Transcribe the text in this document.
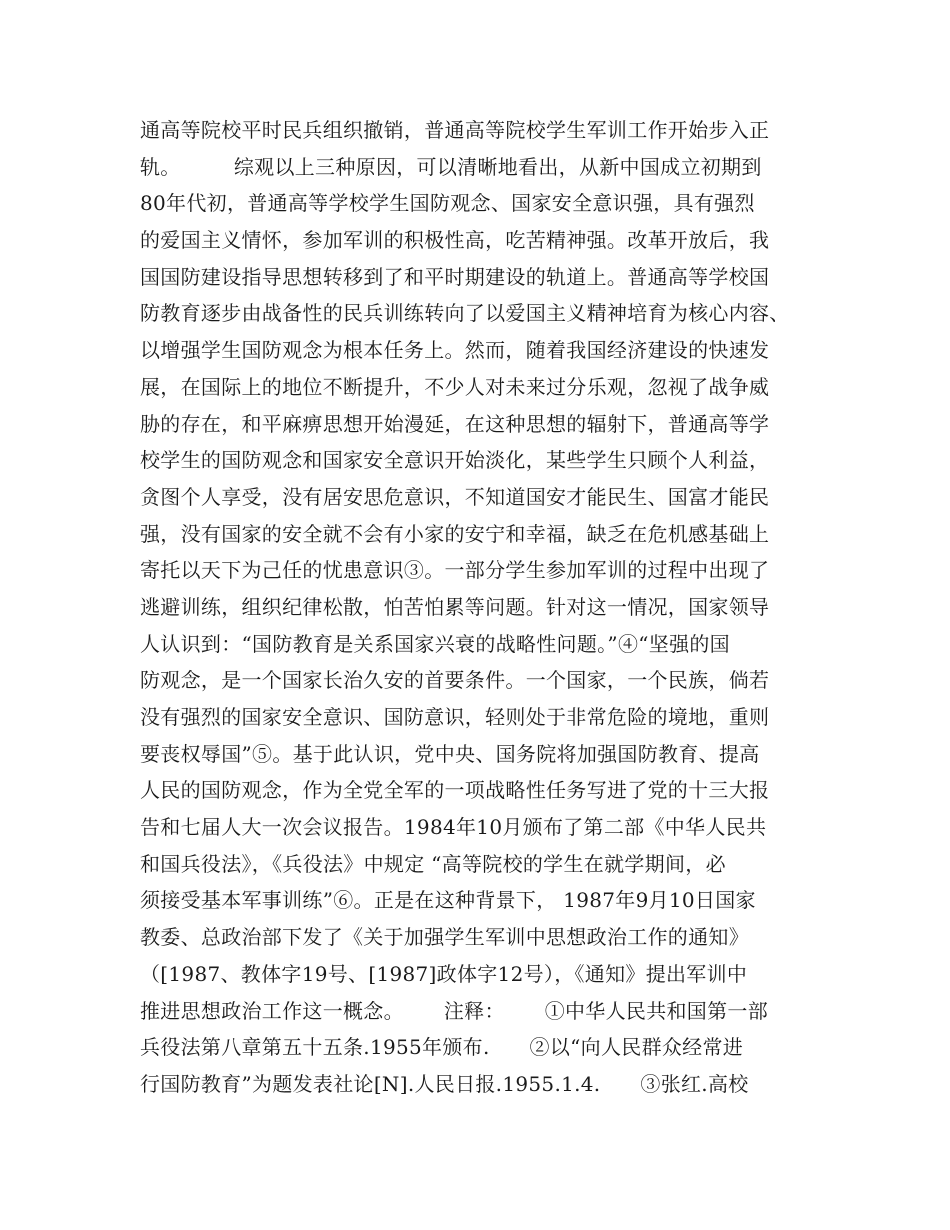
通高等院校平时民兵组织撤销，普通高等院校学生军训工作开始步入正
轨。        综观以上三种原因，可以清晰地看出，从新中国成立初期到
80年代初，普通高等学校学生国防观念、国家安全意识强，具有强烈
的爱国主义情怀，参加军训的积极性高，吃苦精神强。改革开放后，我
国国防建设指导思想转移到了和平时期建设的轨道上。普通高等学校国
防教育逐步由战备性的民兵训练转向了以爱国主义精神培育为核心内容、
以增强学生国防观念为根本任务上。然而，随着我国经济建设的快速发
展，在国际上的地位不断提升，不少人对未来过分乐观，忽视了战争威
胁的存在，和平麻痹思想开始漫延，在这种思想的辐射下，普通高等学
校学生的国防观念和国家安全意识开始淡化，某些学生只顾个人利益，
贪图个人享受，没有居安思危意识，不知道国安才能民生、国富才能民
强，没有国家的安全就不会有小家的安宁和幸福，缺乏在危机感基础上
寄托以天下为己任的忧患意识③。一部分学生参加军训的过程中出现了
逃避训练，组织纪律松散，怕苦怕累等问题。针对这一情况，国家领导
人认识到：“国防教育是关系国家兴衰的战略性问题。”④“坚强的国
防观念，是一个国家长治久安的首要条件。一个国家，一个民族，倘若
没有强烈的国家安全意识、国防意识，轻则处于非常危险的境地，重则
要丧权辱国”⑤。基于此认识，党中央、国务院将加强国防教育、提高
人民的国防观念，作为全党全军的一项战略性任务写进了党的十三大报
告和七届人大一次会议报告。1984年10月颁布了第二部《中华人民共
和国兵役法》，《兵役法》中规定 “高等院校的学生在就学期间，必
须接受基本军事训练”⑥。正是在这种背景下， 1987年9月10日国家
教委、总政治部下发了《关于加强学生军训中思想政治工作的通知》
（[1987、教体字19号、[1987]政体字12号），《通知》提出军训中
推进思想政治工作这一概念。      注释：      ①中华人民共和国第一部
兵役法第八章第五十五条.1955年颁布.      ②以“向人民群众经常进
行国防教育”为题发表社论[N].人民日报.1955.1.4.      ③张红.高校
